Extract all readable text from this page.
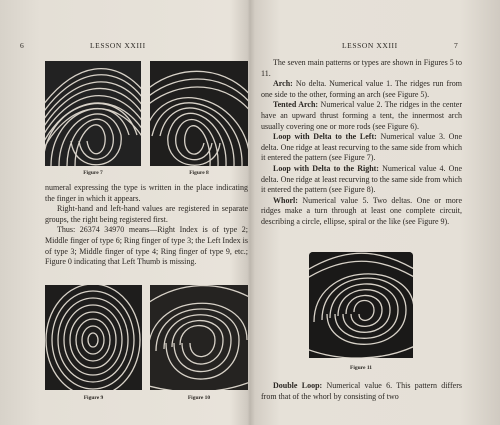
6	LESSON XXIII
Figure 7	Figure 8

numeral expressing the type is written in the place indicating the finger in which it appears.

Right-hand and left-hand values are registered in separate groups, the right being registered first.

Thus: 26374 34970 means—Right Index is of type 2; Middle finger of type 6; Ring finger of type 3; the Left Index is of type 3; Middle finger of type 4; Ring finger of type 9, etc.; Figure 0 indicating that Left Thumb is missing.

Figure 9	Figure 10
LESSON XXIII	7

The seven main patterns or types are shown in Figures 5 to 11.

Arch: No delta. Numerical value 1. The ridges run from one side to the other, forming an arch (see Figure 5).

Tented Arch: Numerical value 2. The ridges in the center have an upward thrust forming a tent, the innermost arch usually covering one or more rods (see Figure 6).

Loop with Delta to the Left: Numerical value 3. One delta. One ridge at least recurving to the same side from which it entered the pattern (see Figure 7).

Loop with Delta to the Right: Numerical value 4. One delta. One ridge at least recurving to the same side from which it entered the pattern (see Figure 8).

Whorl: Numerical value 5. Two deltas. One or more ridges make a turn through at least one complete circuit, describing a circle, ellipse, spiral or the like (see Figure 9).

Figure 11

Double Loop: Numerical value 6. This pattern differs from that of the whorl by consisting of two
